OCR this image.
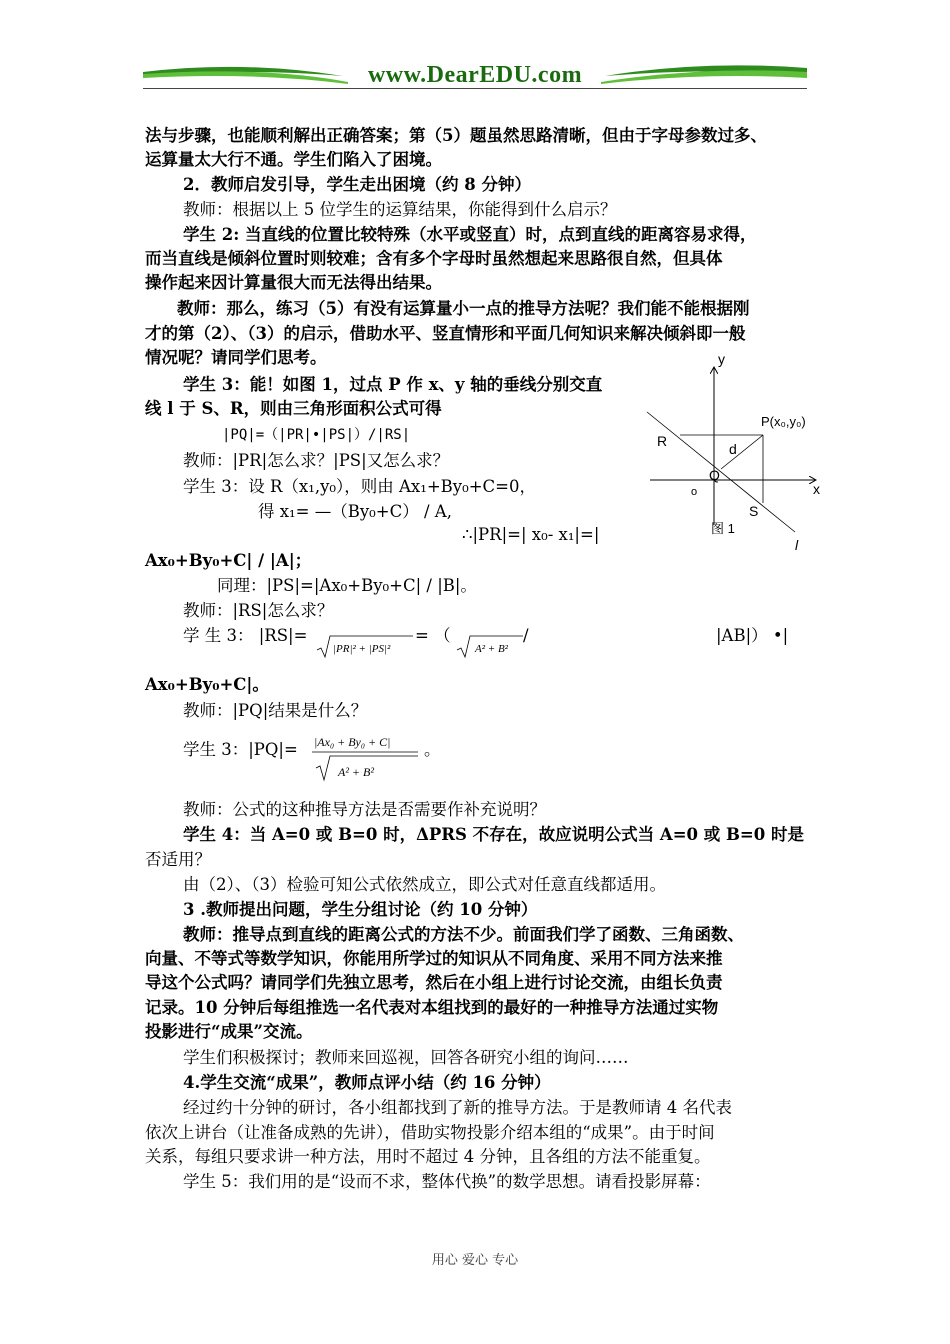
www.DearEDU.com
法与步骤，也能顺利解出正确答案；第（5）题虽然思路清晰，但由于字母参数过多、
运算量太大行不通。学生们陷入了困境。
2．教师启发引导，学生走出困境（约 8 分钟）
教师：根据以上 5 位学生的运算结果，你能得到什么启示？
学生 2: 当直线的位置比较特殊（水平或竖直）时，点到直线的距离容易求得，
而当直线是倾斜位置时则较难；含有多个字母时虽然想起来思路很自然，但具体
操作起来因计算量很大而无法得出结果。
教师：那么，练习（5）有没有运算量小一点的推导方法呢？我们能不能根据刚
才的第（2）、（3）的启示，借助水平、竖直情形和平面几何知识来解决倾斜即一般
情况呢？请同学们思考。
学生 3：能！如图 1，过点 P 作 x、y 轴的垂线分别交直
线 l 于 S、R，则由三角形面积公式可得
|PQ|=（|PR|•|PS|）/|RS|
教师：|PR|怎么求？|PS|又怎么求？
学生 3：设 R（x₁,y₀），则由 Ax₁+By₀+C=0，
得 x₁= —（By₀+C） / A,
∴|PR|=| x₀- x₁|=|
Ax₀+By₀+C| / |A|；
同理：|PS|=|Ax₀+By₀+C| / |B|。
教师：|RS|怎么求？
学 生 3： |RS|=
|PR|² + |PS|²
= （
A² + B²
/	|AB|） •|
Ax₀+By₀+C|。
教师：|PQ|结果是什么？
学生 3：|PQ|= |Ax₀ + By₀ + C|
A² + B²
。
教师：公式的这种推导方法是否需要作补充说明？
学生 4：当 A=0 或 B=0 时，ΔPRS 不存在，故应说明公式当 A=0 或 B=0 时是
否适用？
由（2）、（3）检验可知公式依然成立，即公式对任意直线都适用。
3 .教师提出问题，学生分组讨论（约 10 分钟）
教师：推导点到直线的距离公式的方法不少。前面我们学了函数、三角函数、
向量、不等式等数学知识，你能用所学过的知识从不同角度、采用不同方法来推
导这个公式吗？请同学们先独立思考，然后在小组上进行讨论交流，由组长负责
记录。10 分钟后每组推选一名代表对本组找到的最好的一种推导方法通过实物
投影进行“成果”交流。
学生们积极探讨；教师来回巡视，回答各研究小组的询问……
4.学生交流“成果”，教师点评小结（约 16 分钟）
经过约十分钟的研讨，各小组都找到了新的推导方法。于是教师请 4 名代表
依次上讲台（让准备成熟的先讲），借助实物投影介绍本组的“成果”。由于时间
关系，每组只要求讲一种方法，用时不超过 4 分钟，且各组的方法不能重复。
学生 5：我们用的是“设而不求，整体代换”的数学思想。请看投影屏幕：
y
x
o
P(x₀,y₀)
R	d
Q
S
l
图 1
用心 爱心 专心
